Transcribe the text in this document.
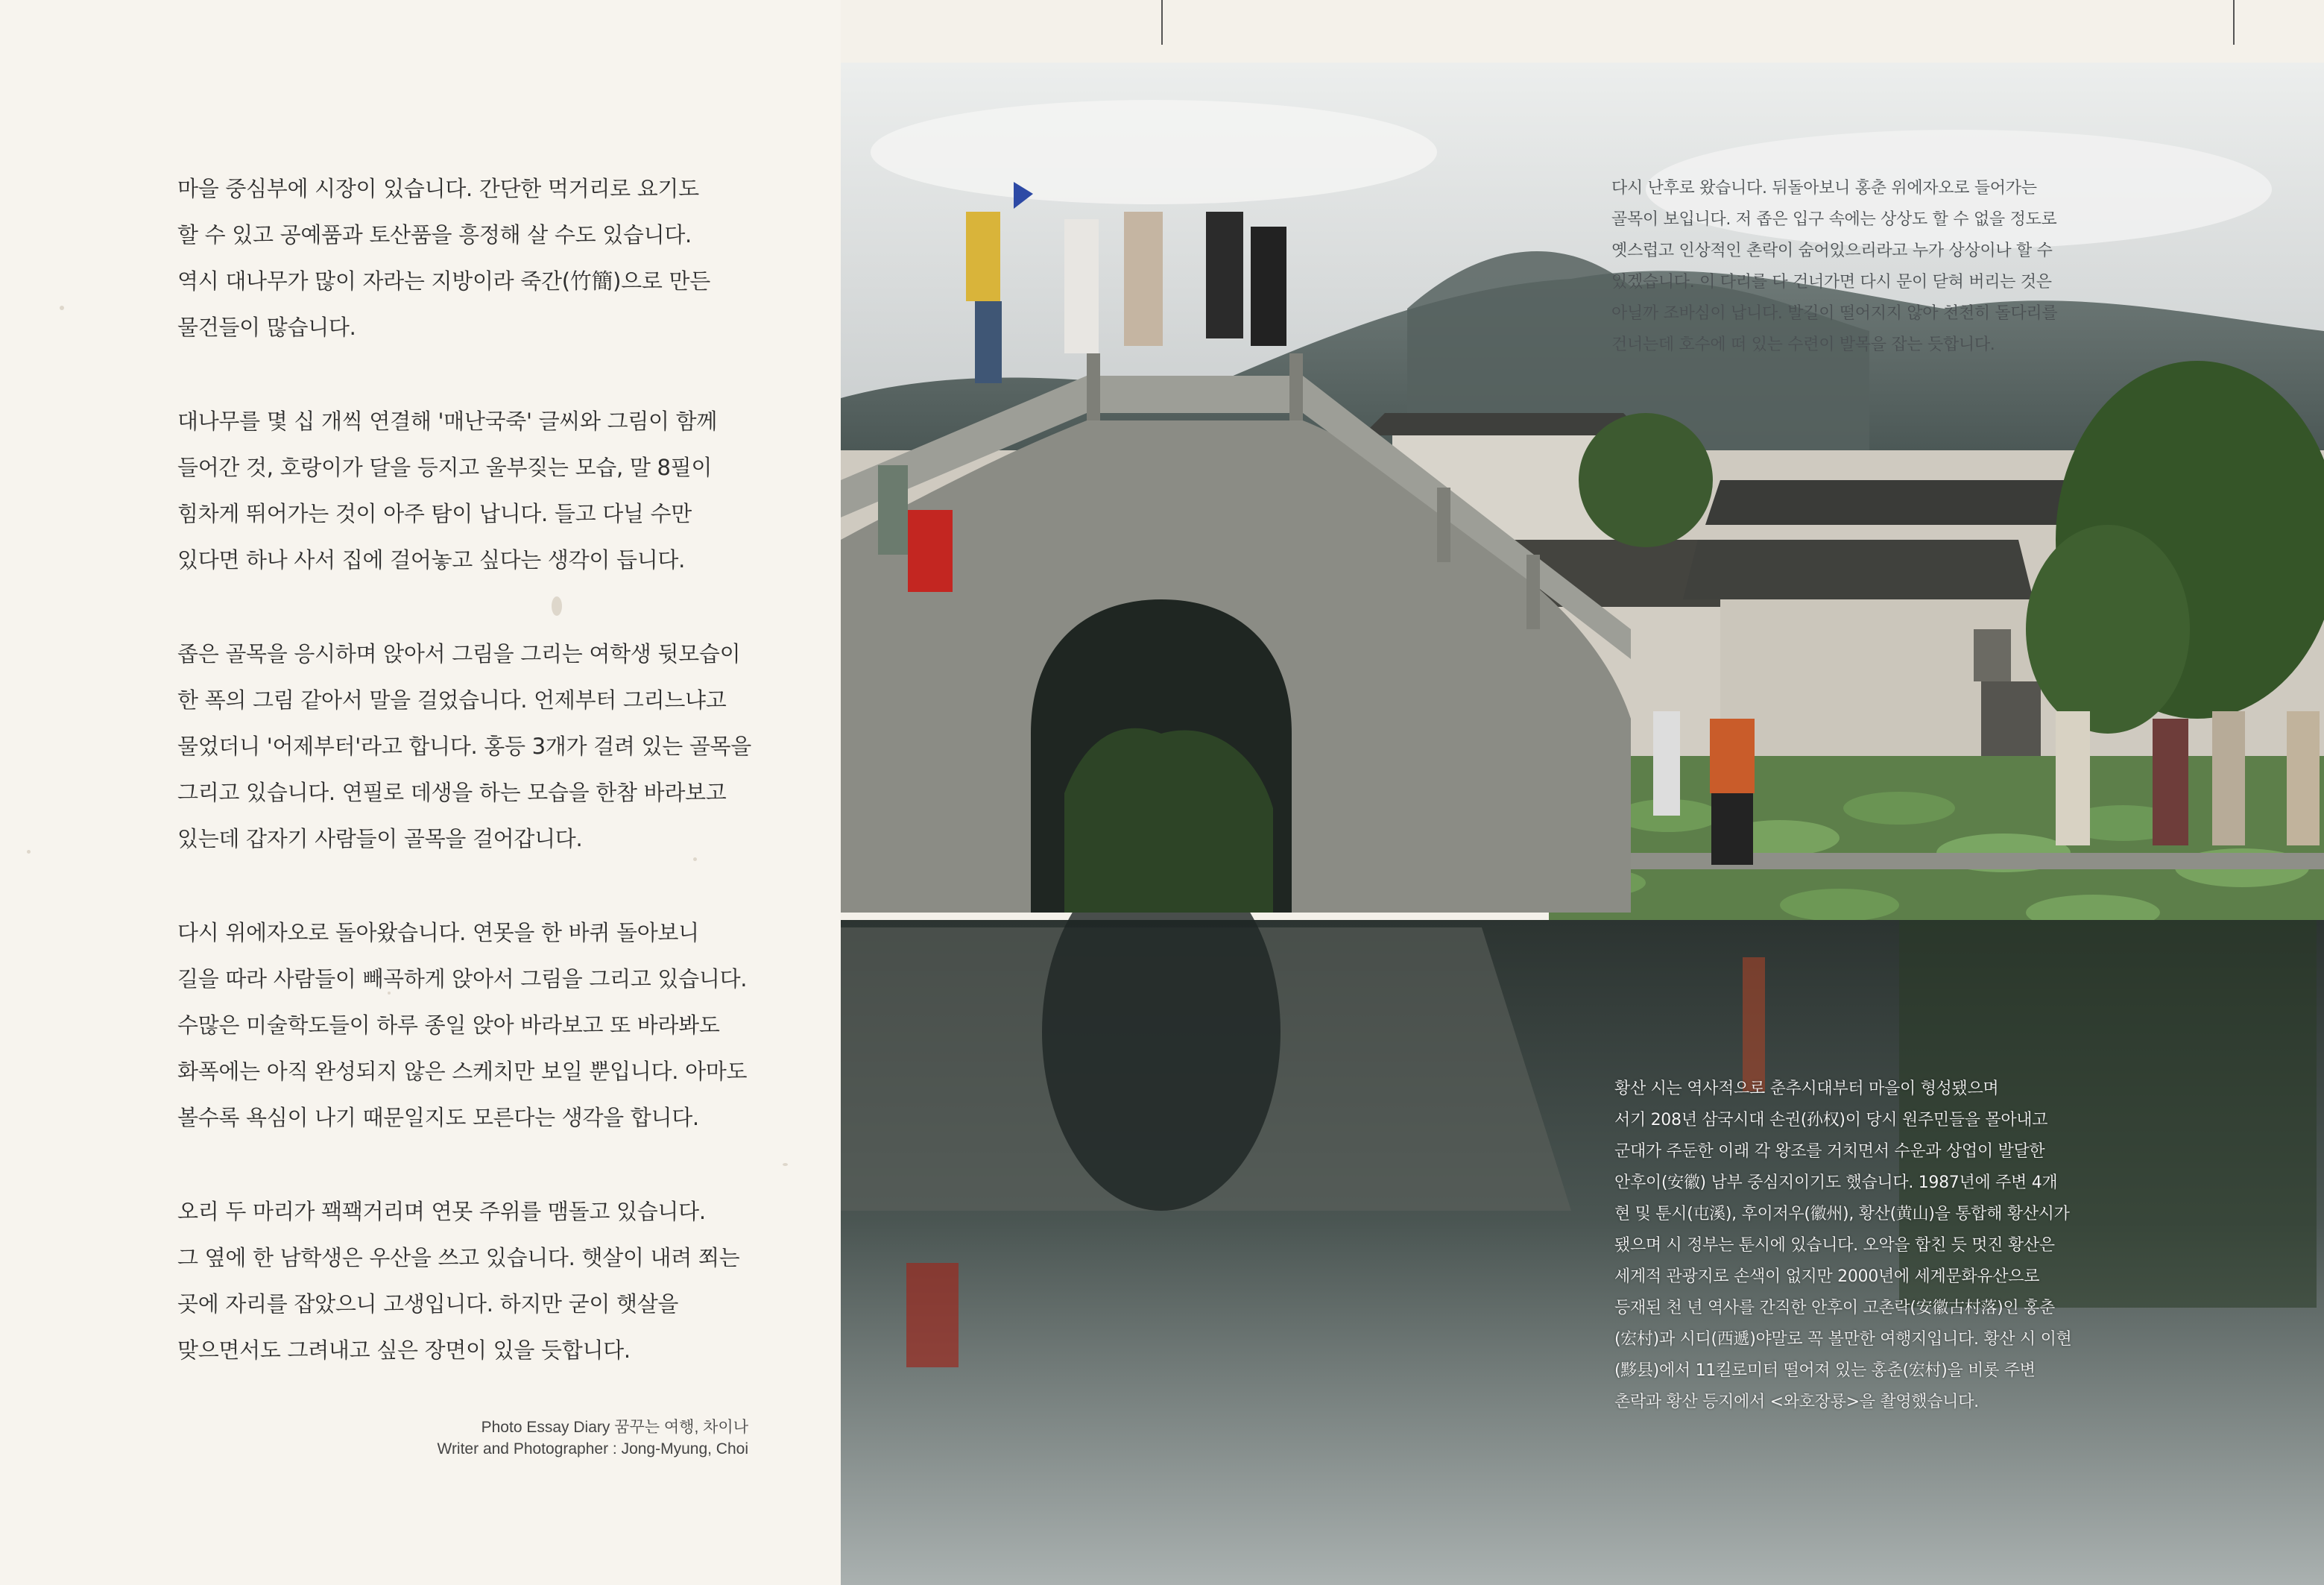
마을 중심부에 시장이 있습니다. 간단한 먹거리로 요기도
할 수 있고 공예품과 토산품을 흥정해 살 수도 있습니다.
역시 대나무가 많이 자라는 지방이라 죽간(竹簡)으로 만든
물건들이 많습니다.

대나무를 몇 십 개씩 연결해 '매난국죽' 글씨와 그림이 함께
들어간 것, 호랑이가 달을 등지고 울부짖는 모습, 말 8필이
힘차게 뛰어가는 것이 아주 탐이 납니다. 들고 다닐 수만
있다면 하나 사서 집에 걸어놓고 싶다는 생각이 듭니다.

좁은 골목을 응시하며 앉아서 그림을 그리는 여학생 뒷모습이
한 폭의 그림 같아서 말을 걸었습니다. 언제부터 그리느냐고
물었더니 '어제부터'라고 합니다. 홍등 3개가 걸려 있는 골목을
그리고 있습니다. 연필로 데생을 하는 모습을 한참 바라보고
있는데 갑자기 사람들이 골목을 걸어갑니다.

다시 위에자오로 돌아왔습니다. 연못을 한 바퀴 돌아보니
길을 따라 사람들이 빼곡하게 앉아서 그림을 그리고 있습니다.
수많은 미술학도들이 하루 종일 앉아 바라보고 또 바라봐도
화폭에는 아직 완성되지 않은 스케치만 보일 뿐입니다. 아마도
볼수록 욕심이 나기 때문일지도 모른다는 생각을 합니다.

오리 두 마리가 꽥꽥거리며 연못 주위를 맴돌고 있습니다.
그 옆에 한 남학생은 우산을 쓰고 있습니다. 햇살이 내려 쬐는
곳에 자리를 잡았으니 고생입니다. 하지만 굳이 햇살을
맞으면서도 그려내고 싶은 장면이 있을 듯합니다.

Photo Essay Diary 꿈꾸는 여행, 차이나
Writer and Photographer : Jong-Myung, Choi

다시 난후로 왔습니다. 뒤돌아보니 홍춘 위에자오로 들어가는
골목이 보입니다. 저 좁은 입구 속에는 상상도 할 수 없을 정도로
옛스럽고 인상적인 촌락이 숨어있으리라고 누가 상상이나 할 수
있겠습니다. 이 다리를 다 건너가면 다시 문이 닫혀 버리는 것은
아닐까 조바심이 납니다. 발길이 떨어지지 않아 천천히 돌다리를
건너는데 호수에 떠 있는 수련이 발목을 잡는 듯합니다.

황산 시는 역사적으로 춘추시대부터 마을이 형성됐으며
서기 208년 삼국시대 손권(孙权)이 당시 원주민들을 몰아내고
군대가 주둔한 이래 각 왕조를 거치면서 수운과 상업이 발달한
안후이(安徽) 남부 중심지이기도 했습니다. 1987년에 주변 4개
현 및 툰시(屯溪), 후이저우(徽州), 황산(黄山)을 통합해 황산시가
됐으며 시 정부는 툰시에 있습니다. 오악을 합친 듯 멋진 황산은
세계적 관광지로 손색이 없지만 2000년에 세계문화유산으로
등재된 천 년 역사를 간직한 안후이 고촌락(安徽古村落)인 홍춘
(宏村)과 시디(西遞)야말로 꼭 볼만한 여행지입니다. 황산 시 이현
(黟县)에서 11킬로미터 떨어져 있는 홍춘(宏村)을 비롯 주변
촌락과 황산 등지에서 <와호장룡>을 촬영했습니다.
